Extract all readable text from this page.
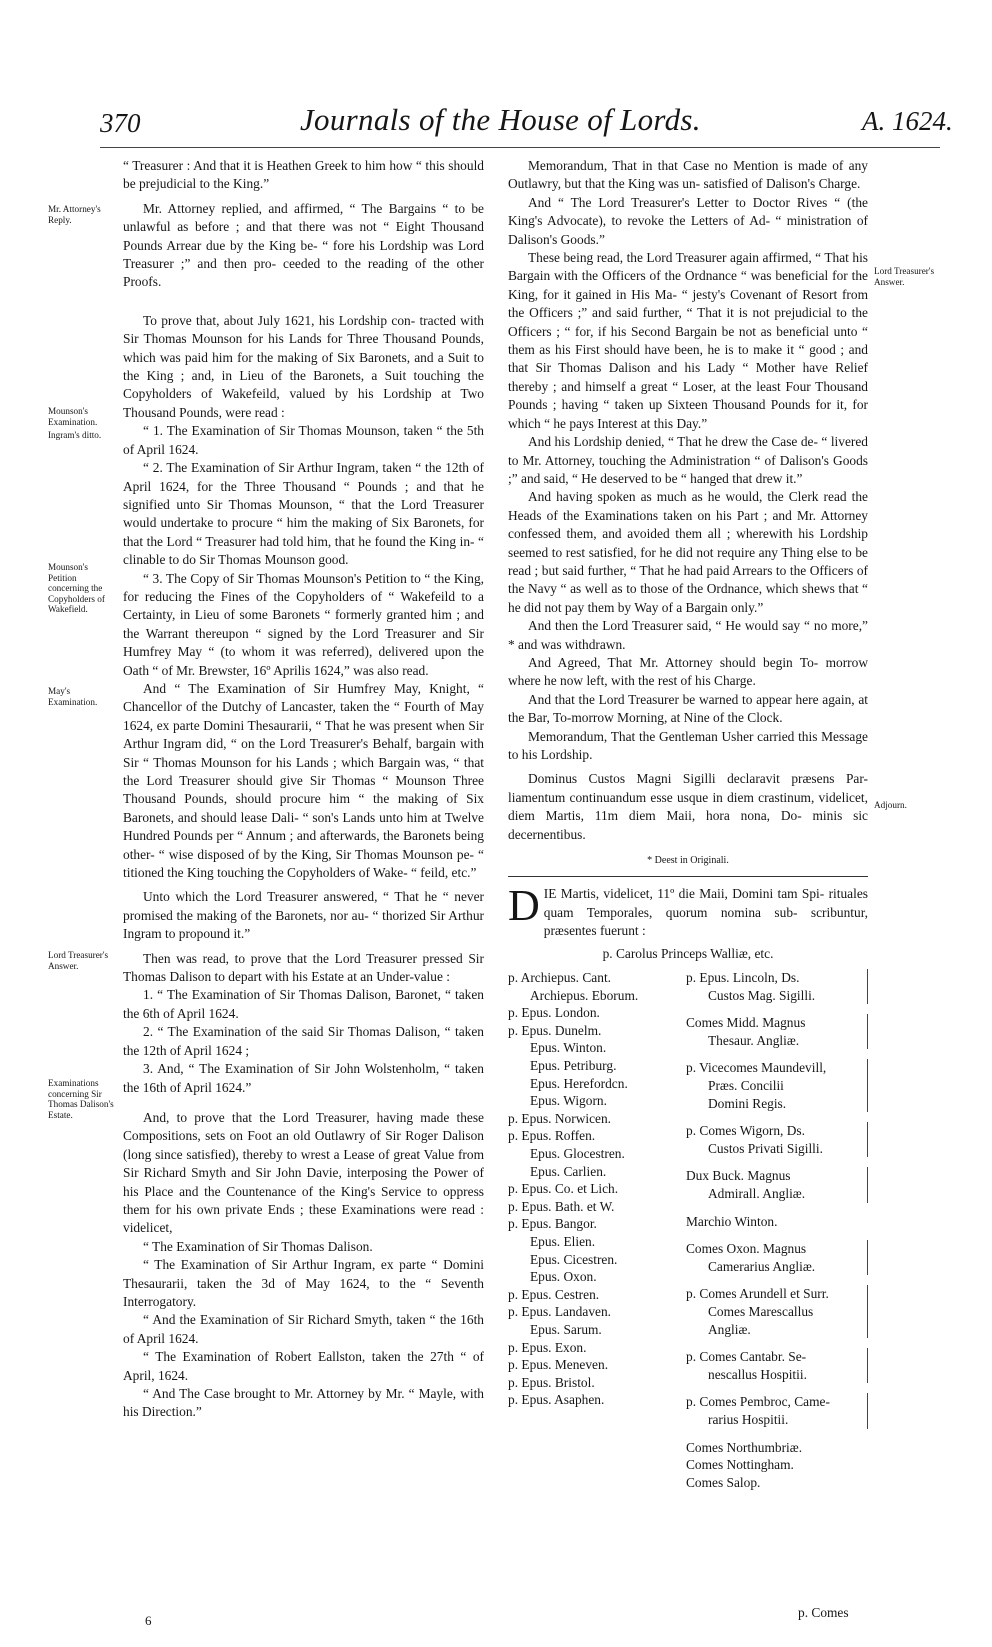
370	Journals of the House of Lords.	A. 1624.
Mr. Attorney's Reply.
Mounson's Examination.
Ingram's ditto.
Mounson's Petition concerning the Copyholders of Wakefield.
May's Examination.
Lord Treasurer's Answer.
Examinations concerning Sir Thomas Dalison's Estate.
Lord Treasurer's Answer.
Adjourn.

“ Treasurer : And that it is Heathen Greek to him how “ this should be prejudicial to the King.”

Mr. Attorney replied, and affirmed, “ The Bargains “ to be unlawful as before ; and that there was not “ Eight Thousand Pounds Arrear due by the King be- “ fore his Lordship was Lord Treasurer ;” and then pro- ceeded to the reading of the other Proofs.

To prove that, about July 1621, his Lordship con- tracted with Sir Thomas Mounson for his Lands for Three Thousand Pounds, which was paid him for the making of Six Baronets, and a Suit to the King ; and, in Lieu of the Baronets, a Suit touching the Copyholders of Wakefeild, valued by his Lordship at Two Thousand Pounds, were read :

“ 1. The Examination of Sir Thomas Mounson, taken “ the 5th of April 1624.

“ 2. The Examination of Sir Arthur Ingram, taken “ the 12th of April 1624, for the Three Thousand “ Pounds ; and that he signified unto Sir Thomas Mounson, “ that the Lord Treasurer would undertake to procure “ him the making of Six Baronets, for that the Lord “ Treasurer had told him, that he found the King in- “ clinable to do Sir Thomas Mounson good.

“ 3. The Copy of Sir Thomas Mounson's Petition to “ the King, for reducing the Fines of the Copyholders of “ Wakefeild to a Certainty, in Lieu of some Baronets “ formerly granted him ; and the Warrant thereupon “ signed by the Lord Treasurer and Sir Humfrey May “ (to whom it was referred), delivered upon the Oath “ of Mr. Brewster, 16º Aprilis 1624,” was also read.

And “ The Examination of Sir Humfrey May, Knight, “ Chancellor of the Dutchy of Lancaster, taken the “ Fourth of May 1624, ex parte Domini Thesaurarii, “ That he was present when Sir Arthur Ingram did, “ on the Lord Treasurer's Behalf, bargain with Sir “ Thomas Mounson for his Lands ; which Bargain was, “ that the Lord Treasurer should give Sir Thomas “ Mounson Three Thousand Pounds, should procure him “ the making of Six Baronets, and should lease Dali- “ son's Lands unto him at Twelve Hundred Pounds per “ Annum ; and afterwards, the Baronets being other- “ wise disposed of by the King, Sir Thomas Mounson pe- “ titioned the King touching the Copyholders of Wake- “ feild, etc.”

Unto which the Lord Treasurer answered, “ That he “ never promised the making of the Baronets, nor au- “ thorized Sir Arthur Ingram to propound it.”

Then was read, to prove that the Lord Treasurer pressed Sir Thomas Dalison to depart with his Estate at an Under-value :

1. “ The Examination of Sir Thomas Dalison, Baronet, “ taken the 6th of April 1624.

2. “ The Examination of the said Sir Thomas Dalison, “ taken the 12th of April 1624 ;

3. And, “ The Examination of Sir John Wolstenholm, “ taken the 16th of April 1624.”

And, to prove that the Lord Treasurer, having made these Compositions, sets on Foot an old Outlawry of Sir Roger Dalison (long since satisfied), thereby to wrest a Lease of great Value from Sir Richard Smyth and Sir John Davie, interposing the Power of his Place and the Countenance of the King's Service to oppress them for his own private Ends ; these Examinations were read : videlicet,

“ The Examination of Sir Thomas Dalison.

“ The Examination of Sir Arthur Ingram, ex parte “ Domini Thesaurarii, taken the 3d of May 1624, to the “ Seventh Interrogatory.

“ And the Examination of Sir Richard Smyth, taken “ the 16th of April 1624.

“ The Examination of Robert Eallston, taken the 27th “ of April, 1624.

“ And The Case brought to Mr. Attorney by Mr. “ Mayle, with his Direction.”

Memorandum, That in that Case no Mention is made of any Outlawry, but that the King was un- satisfied of Dalison's Charge.

And “ The Lord Treasurer's Letter to Doctor Rives “ (the King's Advocate), to revoke the Letters of Ad- “ ministration of Dalison's Goods.”

These being read, the Lord Treasurer again affirmed, “ That his Bargain with the Officers of the Ordnance “ was beneficial for the King, for it gained in His Ma- “ jesty's Covenant of Resort from the Officers ;” and said further, “ That it is not prejudicial to the Officers ; “ for, if his Second Bargain be not as beneficial unto “ them as his First should have been, he is to make it “ good ; and that Sir Thomas Dalison and his Lady “ Mother have Relief thereby ; and himself a great “ Loser, at the least Four Thousand Pounds ; having “ taken up Sixteen Thousand Pounds for it, for which “ he pays Interest at this Day.”

And his Lordship denied, “ That he drew the Case de- “ livered to Mr. Attorney, touching the Administration “ of Dalison's Goods ;” and said, “ He deserved to be “ hanged that drew it.”

And having spoken as much as he would, the Clerk read the Heads of the Examinations taken on his Part ; and Mr. Attorney confessed them, and avoided them all ; wherewith his Lordship seemed to rest satisfied, for he did not require any Thing else to be read ; but said further, “ That he had paid Arrears to the Officers of the Navy “ as well as to those of the Ordnance, which shews that “ he did not pay them by Way of a Bargain only.”

And then the Lord Treasurer said, “ He would say “ no more,” * and was withdrawn.

And Agreed, That Mr. Attorney should begin To- morrow where he now left, with the rest of his Charge.

And that the Lord Treasurer be warned to appear here again, at the Bar, To-morrow Morning, at Nine of the Clock.

Memorandum, That the Gentleman Usher carried this Message to his Lordship.

Dominus Custos Magni Sigilli declaravit præsens Par- liamentum continuandum esse usque in diem crastinum, videlicet, diem Martis, 11m diem Maii, hora nona, Do- minis sic decernentibus.

* Deest in Originali.

DIE Martis, videlicet, 11º die Maii, Domini tam Spi- rituales quam Temporales, quorum nomina sub- scribuntur, præsentes fuerunt :

p. Carolus Princeps Walliæ, etc.
p. Archiepus. Cant.
Archiepus. Eborum.
p. Epus. London.
p. Epus. Dunelm.
Epus. Winton.
Epus. Petriburg.
Epus. Herefordcn.
Epus. Wigorn.
p. Epus. Norwicen.
p. Epus. Roffen.
Epus. Glocestren.
Epus. Carlien.
p. Epus. Co. et Lich.
p. Epus. Bath. et W.
p. Epus. Bangor.
Epus. Elien.
Epus. Cicestren.
Epus. Oxon.
p. Epus. Cestren.
p. Epus. Landaven.
Epus. Sarum.
p. Epus. Exon.
p. Epus. Meneven.
p. Epus. Bristol.
p. Epus. Asaphen.
p. Epus. Lincoln, Ds.
Custos Mag. Sigilli.
Comes Midd. Magnus
Thesaur. Angliæ.
p. Vicecomes Maundevill,
Præs. Concilii
Domini Regis.
p. Comes Wigorn, Ds.
Custos Privati Sigilli.
Dux Buck. Magnus
Admirall. Angliæ.
Marchio Winton.
Comes Oxon. Magnus
Camerarius Angliæ.
p. Comes Arundell et Surr.
Comes Marescallus
Angliæ.
p. Comes Cantabr. Se-
nescallus Hospitii.
p. Comes Pembroc, Came-
rarius Hospitii.
Comes Northumbriæ.
Comes Nottingham.
Comes Salop.
6
p. Comes
